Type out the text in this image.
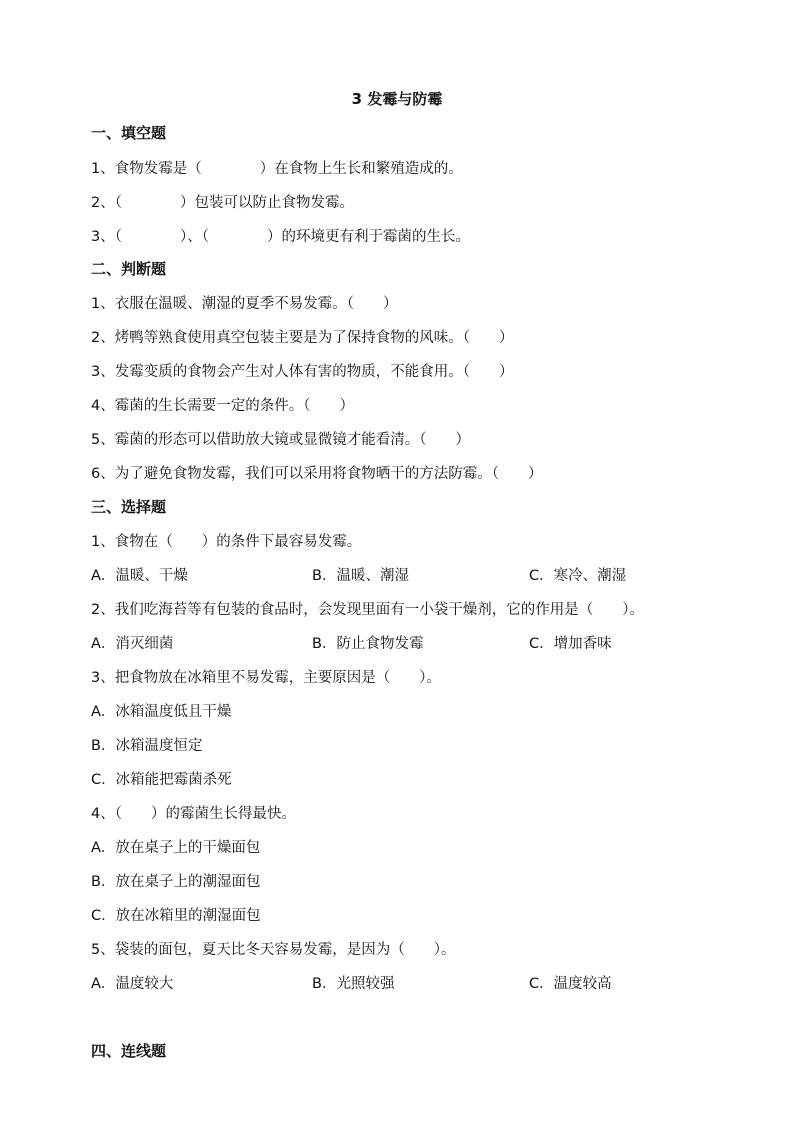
3 发霉与防霉
一、填空题
1、食物发霉是（　　　　）在食物上生长和繁殖造成的。
2、（　　　　）包装可以防止食物发霉。
3、（　　　　）、（　　　　）的环境更有利于霉菌的生长。
二、判断题
1、衣服在温暖、潮湿的夏季不易发霉。（　　）
2、烤鸭等熟食使用真空包装主要是为了保持食物的风味。（　　）
3、发霉变质的食物会产生对人体有害的物质，不能食用。（　　）
4、霉菌的生长需要一定的条件。（　　）
5、霉菌的形态可以借助放大镜或显微镜才能看清。（　　）
6、为了避免食物发霉，我们可以采用将食物晒干的方法防霉。（　　）
三、选择题
1、食物在（　　）的条件下最容易发霉。
A．温暖、干燥	B．温暖、潮湿	C．寒冷、潮湿
2、我们吃海苔等有包装的食品时，会发现里面有一小袋干燥剂，它的作用是（　　）。
A．消灭细菌	B．防止食物发霉	C．增加香味
3、把食物放在冰箱里不易发霉，主要原因是（　　）。
A．冰箱温度低且干燥
B．冰箱温度恒定
C．冰箱能把霉菌杀死
4、（　　）的霉菌生长得最快。
A．放在桌子上的干燥面包
B．放在桌子上的潮湿面包
C．放在冰箱里的潮湿面包
5、袋装的面包，夏天比冬天容易发霉，是因为（　　）。
A．温度较大	B．光照较强	C．温度较高
四、连线题
